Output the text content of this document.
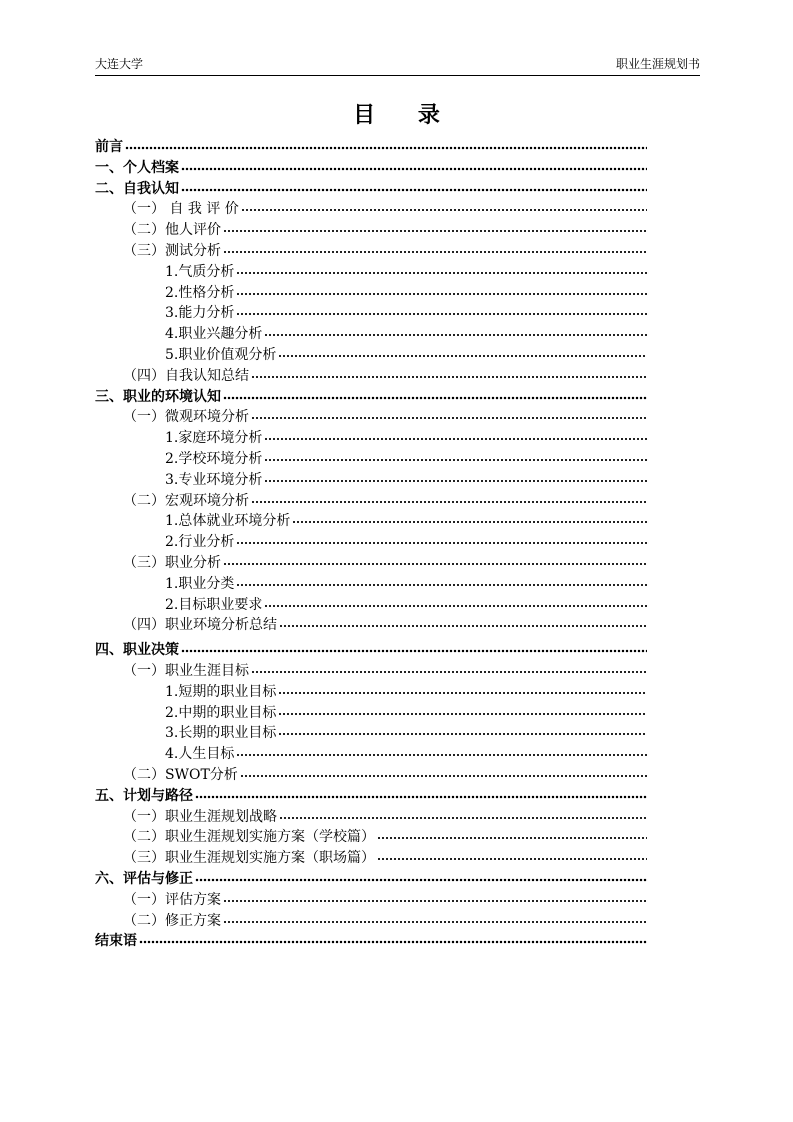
大连大学	职业生涯规划书
目 录
前言
一、个人档案
二、自我认知
（一） 自 我 评 价
（二）他人评价
（三）测试分析
1.气质分析
2.性格分析
3.能力分析
4.职业兴趣分析
5.职业价值观分析
（四）自我认知总结
三、职业的环境认知
（一）微观环境分析
1.家庭环境分析
2.学校环境分析
3.专业环境分析
（二）宏观环境分析
1.总体就业环境分析
2.行业分析
（三）职业分析
1.职业分类
2.目标职业要求
（四）职业环境分析总结
四、职业决策
（一）职业生涯目标
1.短期的职业目标
2.中期的职业目标
3.长期的职业目标
4.人生目标
（二）SWOT分析
五、计划与路径
（一）职业生涯规划战略
（二）职业生涯规划实施方案（学校篇）
（三）职业生涯规划实施方案（职场篇）
六、评估与修正
（一）评估方案
（二）修正方案
结束语
